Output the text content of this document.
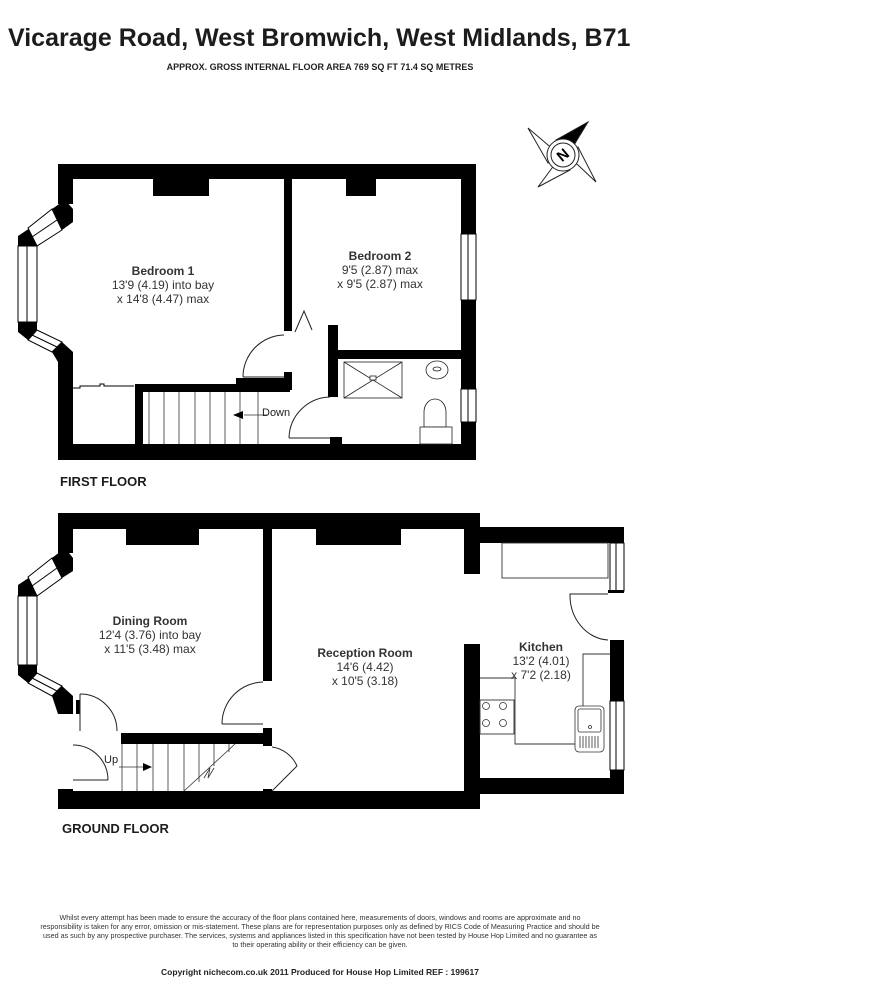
Vicarage Road, West Bromwich, West Midlands, B71
APPROX. GROSS INTERNAL FLOOR AREA 769 SQ FT 71.4 SQ METRES
N
FIRST FLOOR
GROUND FLOOR
Bedroom 1
13'9 (4.19) into bay
x 14'8 (4.47) max
Bedroom 2
9'5 (2.87) max
x 9'5 (2.87) max
Down
Dining Room
12'4 (3.76) into bay
x 11'5 (3.48) max	Reception Room
14'6 (4.42)
x 10'5 (3.18)
Kitchen
13'2 (4.01)
x 7'2 (2.18)
Up
Whilst every attempt has been made to ensure the accuracy of the floor plans contained here, measurements of doors, windows and rooms are approximate and no responsibility is taken for any error, omission or mis-statement. These plans are for representation purposes only as defined by RICS Code of Measuring Practice and should be used as such by any prospective purchaser. The services, systems and appliances listed in this specification have not been tested by House Hop Limited and no guarantee as to their operating ability or their efficiency can be given.
Copyright nichecom.co.uk 2011 Produced for House Hop Limited REF : 199617
